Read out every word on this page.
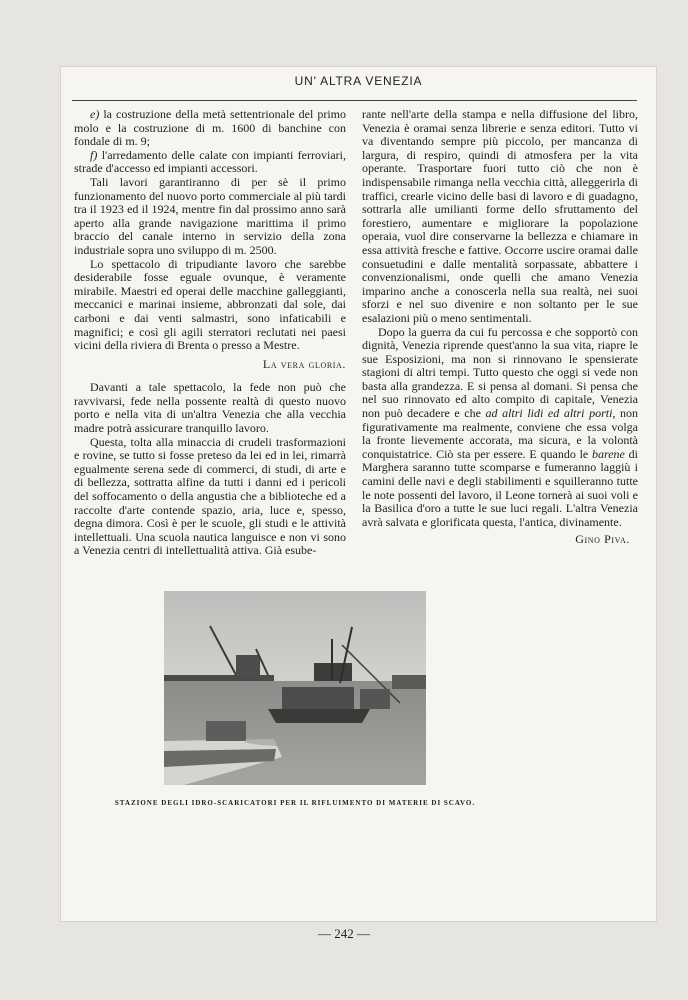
UN' ALTRA VENEZIA

e) la costruzione della metà settentrionale del primo molo e la costruzione di m. 1600 di banchine con fondale di m. 9;

f) l'arredamento delle calate con impianti ferroviari, strade d'accesso ed impianti accessori.

Tali lavori garantiranno di per sè il primo funzionamento del nuovo porto commerciale al più tardi tra il 1923 ed il 1924, mentre fin dal prossimo anno sarà aperto alla grande navigazione marittima il primo braccio del canale interno in servizio della zona industriale sopra uno sviluppo di m. 2500.

Lo spettacolo di tripudiante lavoro che sarebbe desiderabile fosse eguale ovunque, è veramente mirabile. Maestri ed operai delle macchine galleggianti, meccanici e marinai insieme, abbronzati dal sole, dai carboni e dai venti salmastri, sono infaticabili e magnifici; e così gli agili sterratori reclutati nei paesi vicini della riviera di Brenta o presso a Mestre.

La vera gloria.

Davanti a tale spettacolo, la fede non può che ravvivarsi, fede nella possente realtà di questo nuovo porto e nella vita di un'altra Venezia che alla vecchia madre potrà assicurare tranquillo lavoro.

Questa, tolta alla minaccia di crudeli trasformazioni e rovine, se tutto si fosse preteso da lei ed in lei, rimarrà egualmente serena sede di commerci, di studi, di arte e di bellezza, sottratta alfine da tutti i danni ed i pericoli del soffocamento o della angustia che a biblioteche ed a raccolte d'arte contende spazio, aria, luce e, spesso, degna dimora. Così è per le scuole, gli studi e le attività intellettuali. Una scuola nautica languisce e non vi sono a Venezia centri di intellettualità attiva. Già esube-

rante nell'arte della stampa e nella diffusione del libro, Venezia è oramai senza librerie e senza editori. Tutto vi va diventando sempre più piccolo, per mancanza di largura, di respiro, quindi di atmosfera per la vita operante. Trasportare fuori tutto ciò che non è indispensabile rimanga nella vecchia città, alleggerirla di traffici, crearle vicino delle basi di lavoro e di guadagno, sottrarla alle umilianti forme dello sfruttamento del forestiero, aumentare e migliorare la popolazione operaia, vuol dire conservarne la bellezza e chiamare in essa attività fresche e fattive. Occorre uscire oramai dalle consuetudini e dalle mentalità sorpassate, abbattere i convenzionalismi, onde quelli che amano Venezia imparino anche a conoscerla nella sua realtà, nei suoi sforzi e nel suo divenire e non soltanto per le sue esalazioni più o meno sentimentali.

Dopo la guerra da cui fu percossa e che sopportò con dignità, Venezia riprende quest'anno la sua vita, riapre le sue Esposizioni, ma non si rinnovano le spensierate stagioni di altri tempi. Tutto questo che oggi si vede non basta alla grandezza. E si pensa al domani. Si pensa che nel suo rinnovato ed alto compito di capitale, Venezia non può decadere e che ad altri lidi ed altri porti, non figurativamente ma realmente, conviene che essa volga la fronte lievemente accorata, ma sicura, e la volontà conquistatrice. Ciò sta per essere. E quando le barene di Marghera saranno tutte scomparse e fumeranno laggiù i camini delle navi e degli stabilimenti e squilleranno tutte le note possenti del lavoro, il Leone tornerà ai suoi voli e la Basilica d'oro a tutte le sue luci regali. L'altra Venezia avrà salvata e glorificata questa, l'antica, divinamente.

Gino Piva.

STAZIONE DEGLI IDRO-SCARICATORI PER IL RIFLUIMENTO DI MATERIE DI SCAVO.
— 242 —
